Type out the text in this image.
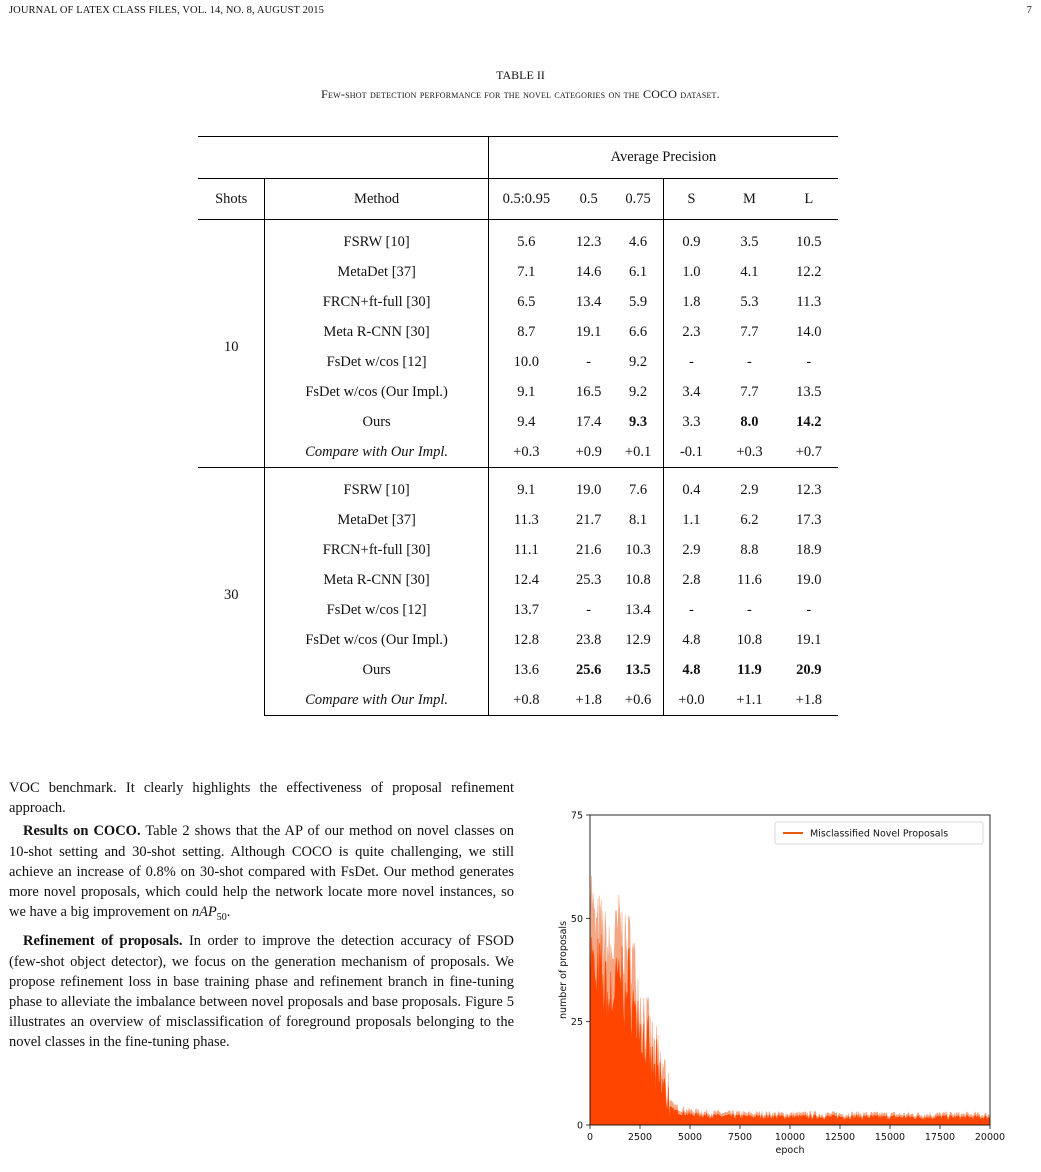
JOURNAL OF LATEX CLASS FILES, VOL. 14, NO. 8, AUGUST 2015	7
TABLE II
Few-shot detection performance for the novel categories on the COCO dataset.
		Average Precision					
Shots	Method	0.5:0.95	0.5	0.75	S	M	L
10	FSRW [10]	5.6	12.3	4.6	0.9	3.5	10.5
	MetaDet [37]	7.1	14.6	6.1	1.0	4.1	12.2
	FRCN+ft-full [30]	6.5	13.4	5.9	1.8	5.3	11.3
	Meta R-CNN [30]	8.7	19.1	6.6	2.3	7.7	14.0
	FsDet w/cos [12]	10.0	-	9.2	-	-	-
	FsDet w/cos (Our Impl.)	9.1	16.5	9.2	3.4	7.7	13.5
	Ours	9.4	17.4	9.3	3.3	8.0	14.2
	Compare with Our Impl.	+0.3	+0.9	+0.1	-0.1	+0.3	+0.7
30	FSRW [10]	9.1	19.0	7.6	0.4	2.9	12.3
	MetaDet [37]	11.3	21.7	8.1	1.1	6.2	17.3
	FRCN+ft-full [30]	11.1	21.6	10.3	2.9	8.8	18.9
	Meta R-CNN [30]	12.4	25.3	10.8	2.8	11.6	19.0
	FsDet w/cos [12]	13.7	-	13.4	-	-	-
	FsDet w/cos (Our Impl.)	12.8	23.8	12.9	4.8	10.8	19.1
	Ours	13.6	25.6	13.5	4.8	11.9	20.9
	Compare with Our Impl.	+0.8	+1.8	+0.6	+0.0	+1.1	+1.8

VOC benchmark. It clearly highlights the effectiveness of proposal refinement approach.

Results on COCO. Table 2 shows that the AP of our method on novel classes on 10-shot setting and 30-shot setting. Although COCO is quite challenging, we still achieve an increase of 0.8% on 30-shot compared with FsDet. Our method generates more novel proposals, which could help the network locate more novel instances, so we have a big improvement on nAP$_{50}$.

Refinement of proposals. In order to improve the detection accuracy of FSOD (few-shot object detector), we focus on the generation mechanism of proposals. We propose refinement loss in base training phase and refinement branch in fine-tuning phase to alleviate the imbalance between novel proposals and base proposals. Figure 5 illustrates an overview of misclassification of foreground proposals belonging to the novel classes in the fine-tuning phase.

0	2500	5000	7500 10000 12500 15000 17500 20000
0
25
50
75
epoch
number of proposals
Misclassified Novel Proposals
